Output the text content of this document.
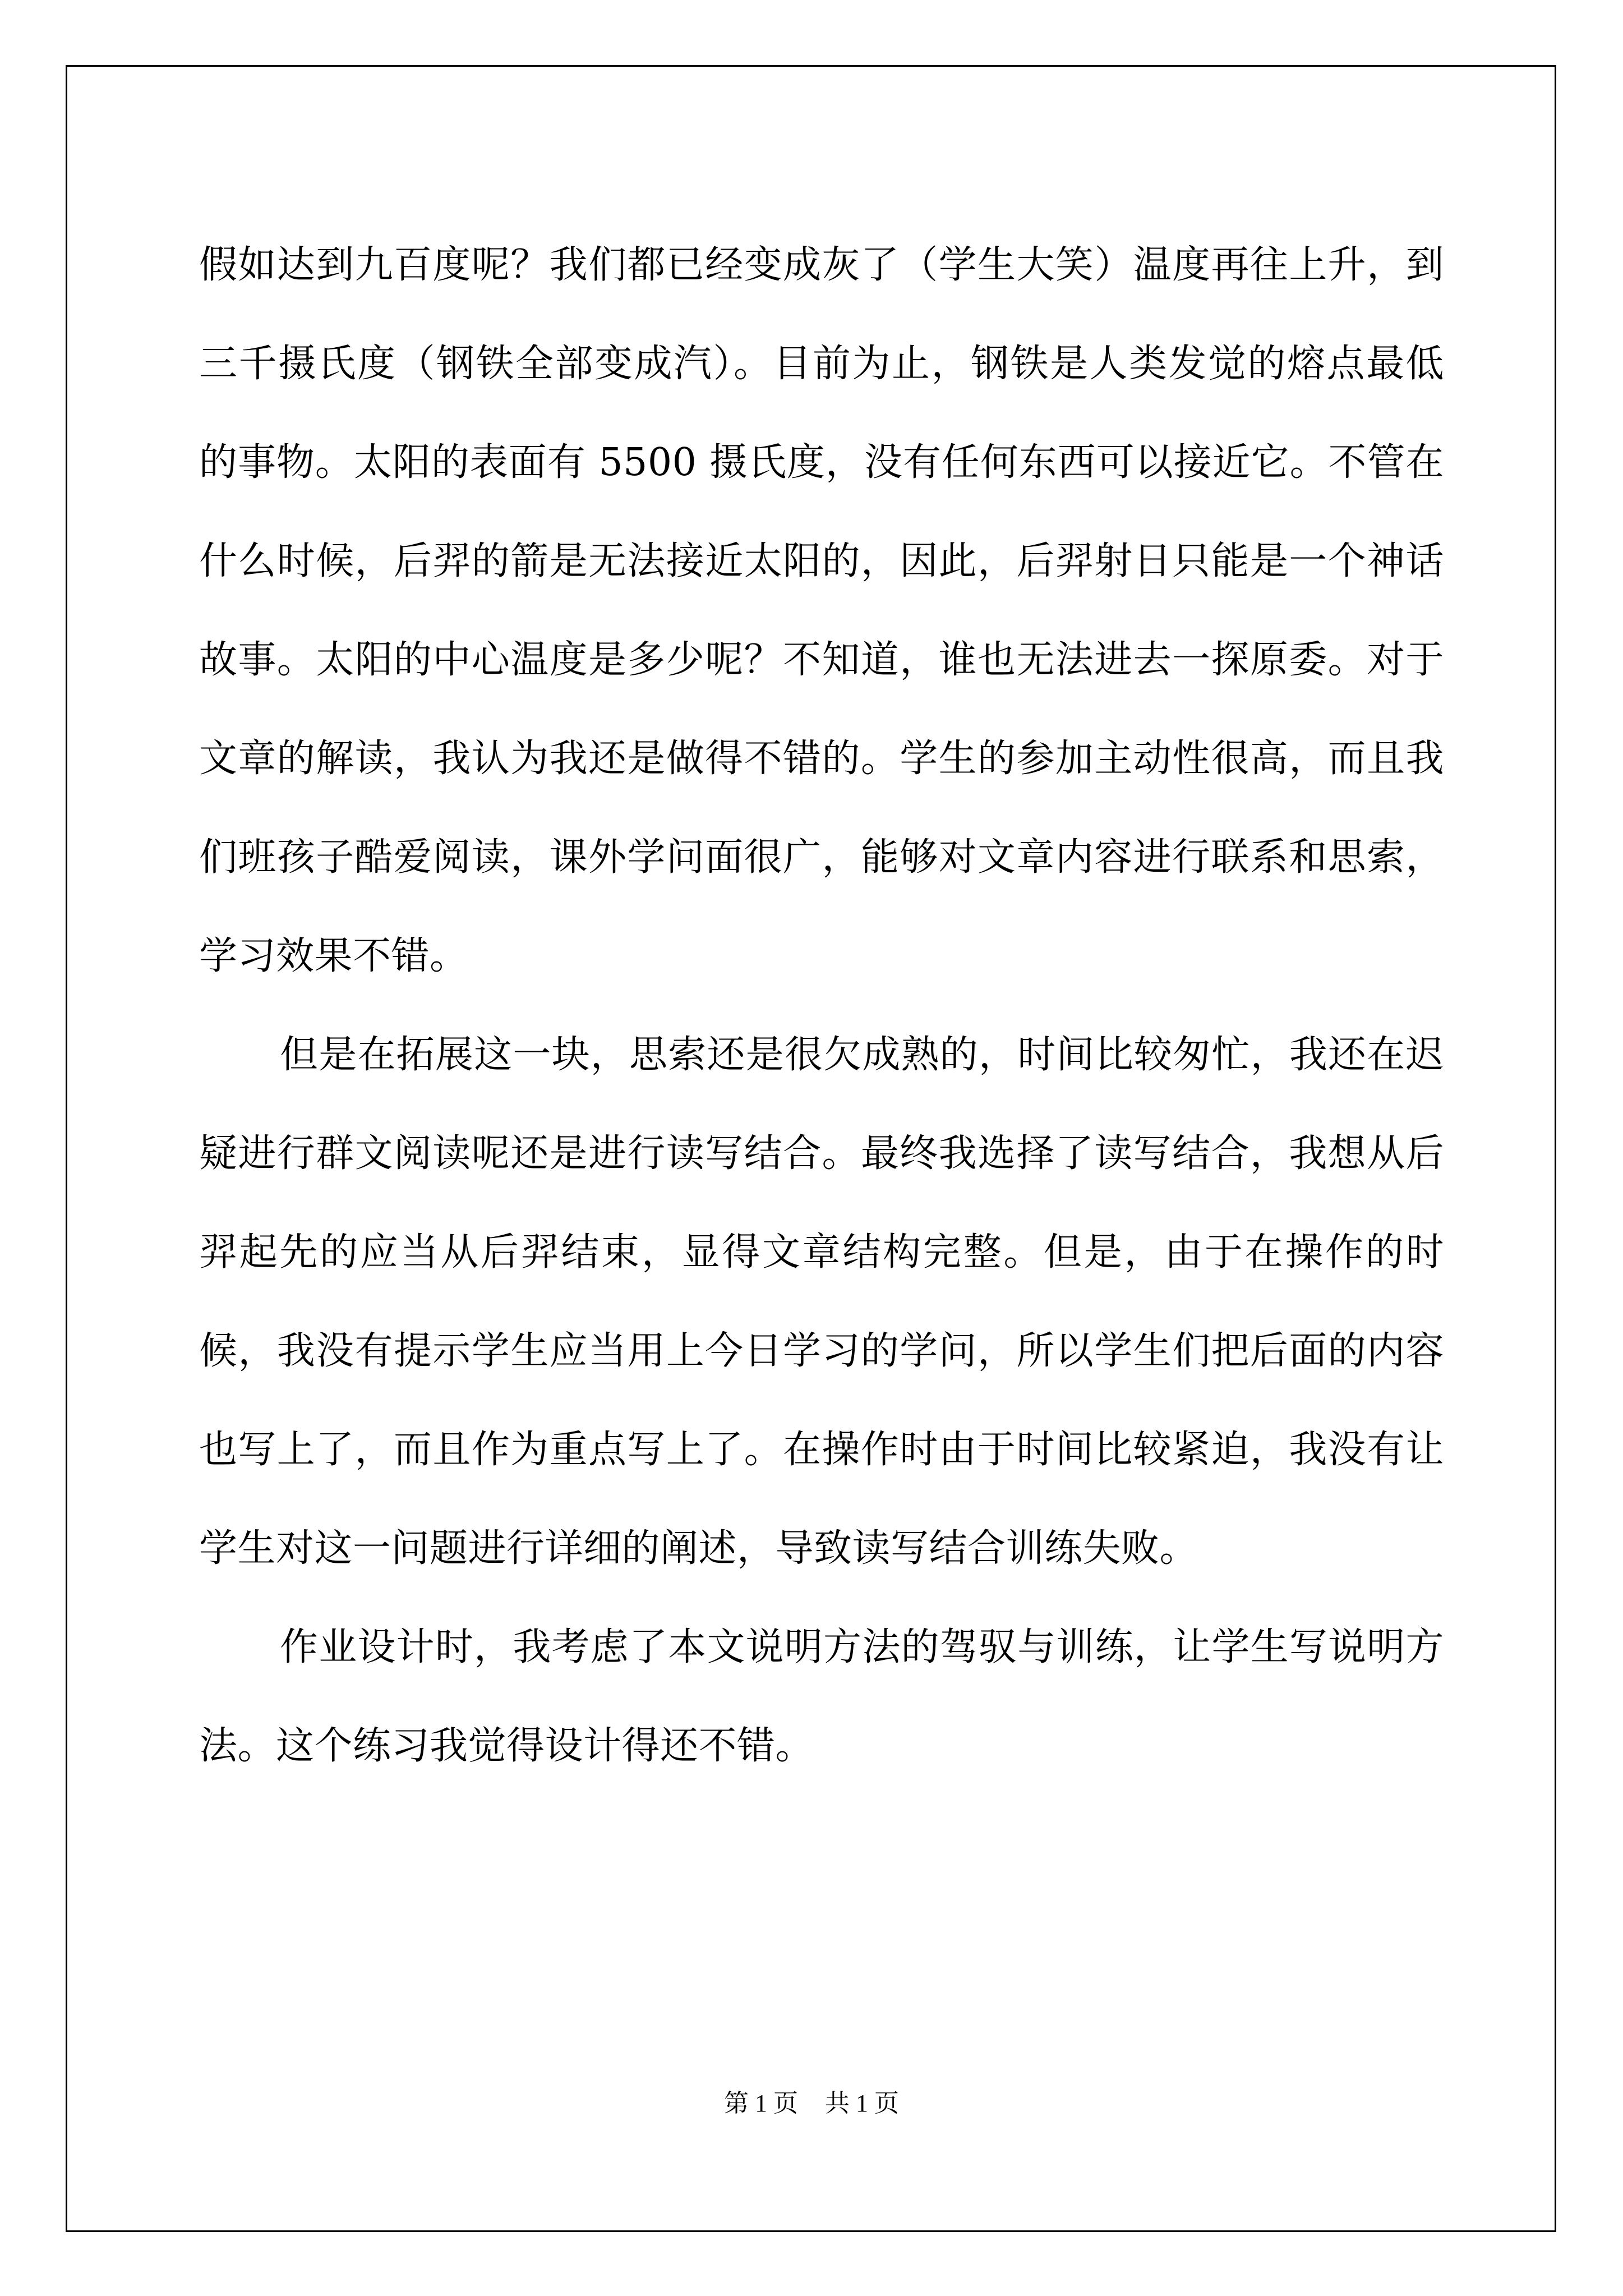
假如达到九百度呢？我们都已经变成灰了（学生大笑）温度再往上升，到三千摄氏度（钢铁全部变成汽）。目前为止，钢铁是人类发觉的熔点最低的事物。太阳的表面有 5500 摄氏度，没有任何东西可以接近它。不管在什么时候，后羿的箭是无法接近太阳的，因此，后羿射日只能是一个神话故事。太阳的中心温度是多少呢？不知道，谁也无法进去一探原委。对于文章的解读，我认为我还是做得不错的。学生的参加主动性很高，而且我们班孩子酷爱阅读，课外学问面很广，能够对文章内容进行联系和思索，学习效果不错。

但是在拓展这一块，思索还是很欠成熟的，时间比较匆忙，我还在迟疑进行群文阅读呢还是进行读写结合。最终我选择了读写结合，我想从后羿起先的应当从后羿结束，显得文章结构完整。但是，由于在操作的时候，我没有提示学生应当用上今日学习的学问，所以学生们把后面的内容也写上了，而且作为重点写上了。在操作时由于时间比较紧迫，我没有让学生对这一问题进行详细的阐述，导致读写结合训练失败。

作业设计时，我考虑了本文说明方法的驾驭与训练，让学生写说明方法。这个练习我觉得设计得还不错。

第 1 页 共 1 页
